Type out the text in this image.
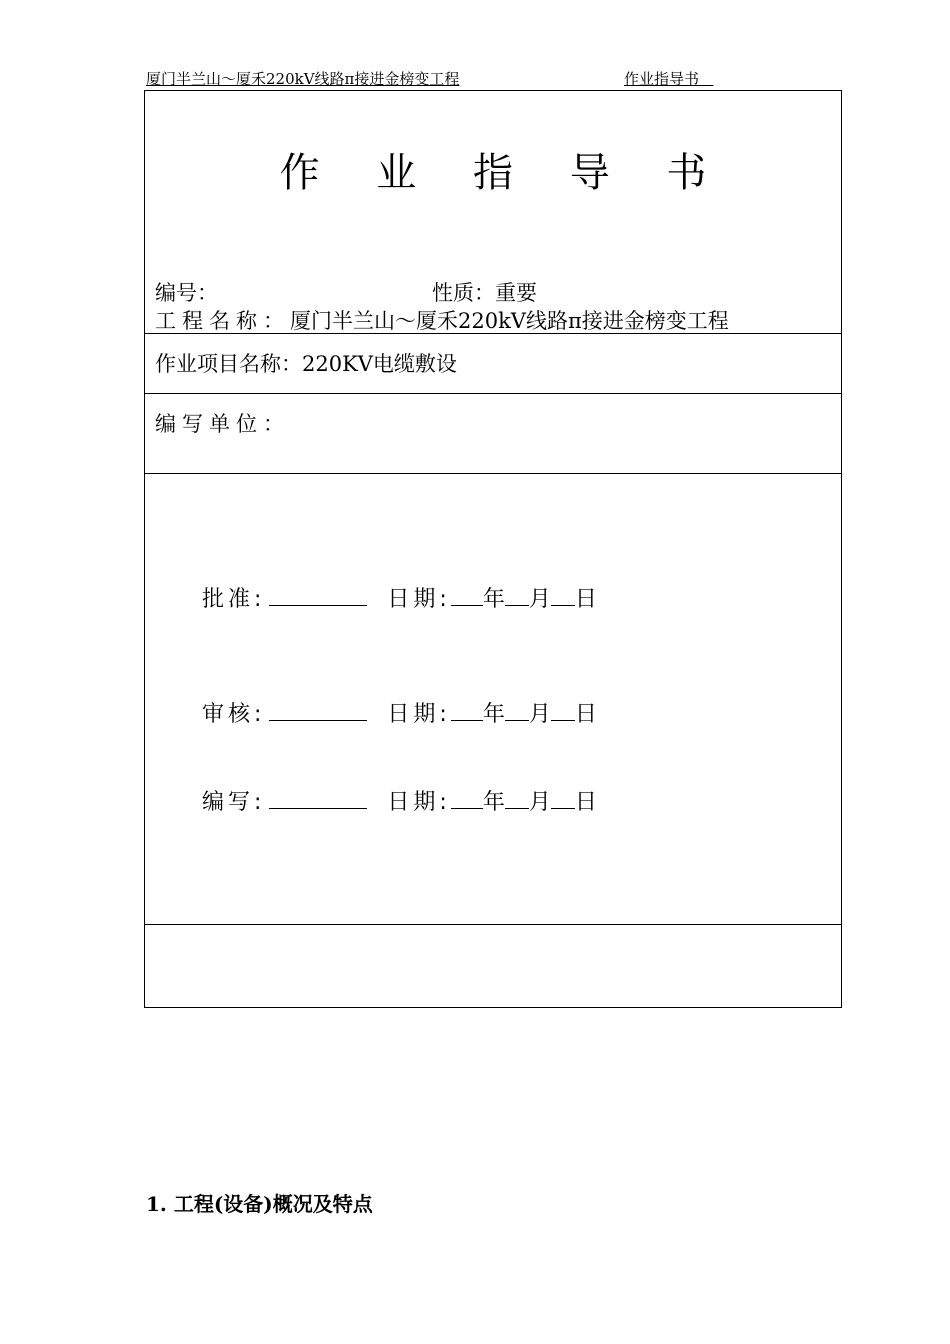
厦门半兰山～厦禾220kV线路π接进金榜变工程	作业指导书
作 业 指 导 书
编号：	性质：重要
工程名称：厦门半兰山～厦禾220kV线路π接进金榜变工程
作业项目名称：220KV电缆敷设
编写单位：
批准:	日期: 年 月 日
审核:	日期: 年 月 日
编写:	日期: 年 月 日
1. 工程(设备)概况及特点
